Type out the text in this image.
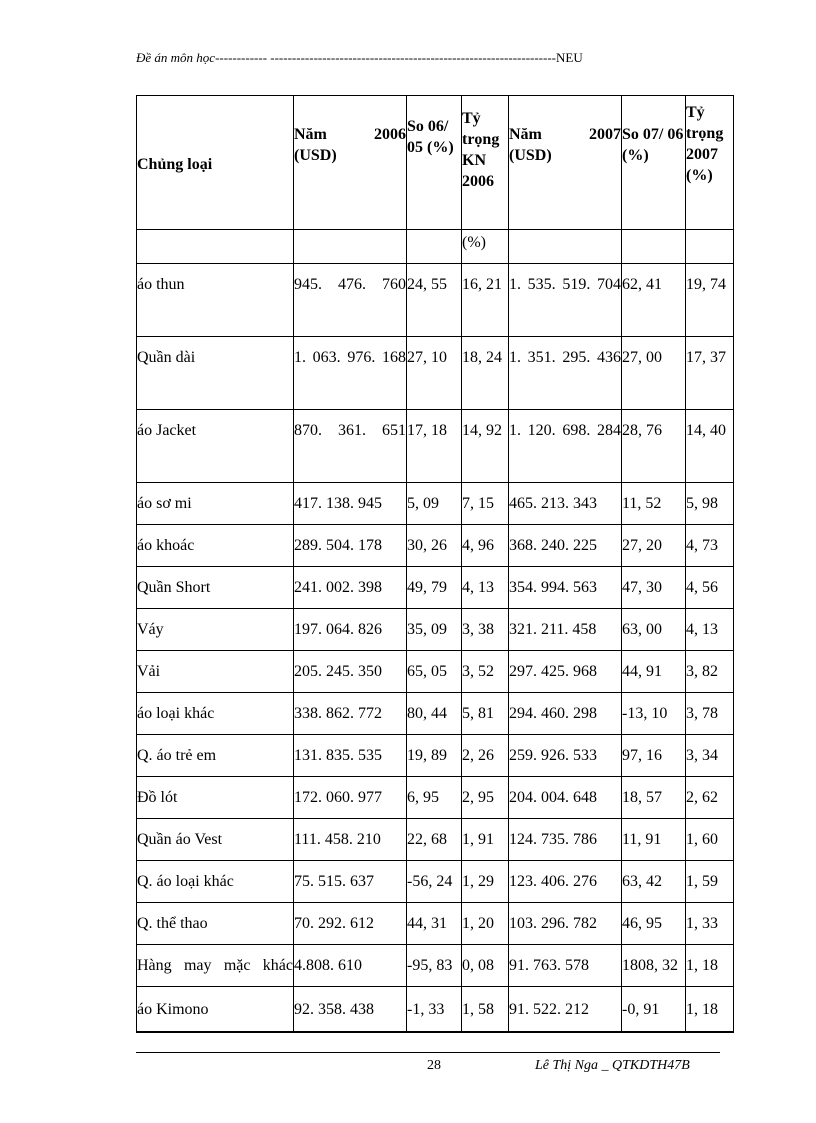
Đề án môn học------------ ------------------------------------------------------------------NEU
Chủng loại	Năm 2006 (USD)	So 06/ 05 (%)	Tỷ trọng KN 2006	Năm 2007 (USD)	So 07/ 06 (%)	Tỷ trọng 2007 (%)

			(%)			
áo thun	945. 476. 760	24, 55	16, 21	1. 535. 519. 704	62, 41	19, 74
Quần dài	1. 063. 976. 168	27, 10	18, 24	1. 351. 295. 436	27, 00	17, 37
áo Jacket	870. 361. 651	17, 18	14, 92	1. 120. 698. 284	28, 76	14, 40
áo sơ mi	417. 138. 945	5, 09	7, 15	465. 213. 343	11, 52	5, 98
áo khoác	289. 504. 178	30, 26	4, 96	368. 240. 225	27, 20	4, 73
Quần Short	241. 002. 398	49, 79	4, 13	354. 994. 563	47, 30	4, 56
Váy	197. 064. 826	35, 09	3, 38	321. 211. 458	63, 00	4, 13
Vải	205. 245. 350	65, 05	3, 52	297. 425. 968	44, 91	3, 82
áo loại khác	338. 862. 772	80, 44	5, 81	294. 460. 298	-13, 10	3, 78
Q. áo trẻ em	131. 835. 535	19, 89	2, 26	259. 926. 533	97, 16	3, 34
Đồ lót	172. 060. 977	6, 95	2, 95	204. 004. 648	18, 57	2, 62
Quần áo Vest	111. 458. 210	22, 68	1, 91	124. 735. 786	11, 91	1, 60
Q. áo loại khác	75. 515. 637	-56, 24	1, 29	123. 406. 276	63, 42	1, 59
Q. thể thao	70. 292. 612	44, 31	1, 20	103. 296. 782	46, 95	1, 33
Hàng may mặc khác	4.808. 610	-95, 83	0, 08	91. 763. 578	1808, 32	1, 18
áo Kimono	92. 358. 438	-1, 33	1, 58	91. 522. 212	-0, 91	1, 18
28	Lê Thị Nga _ QTKDTH47B
